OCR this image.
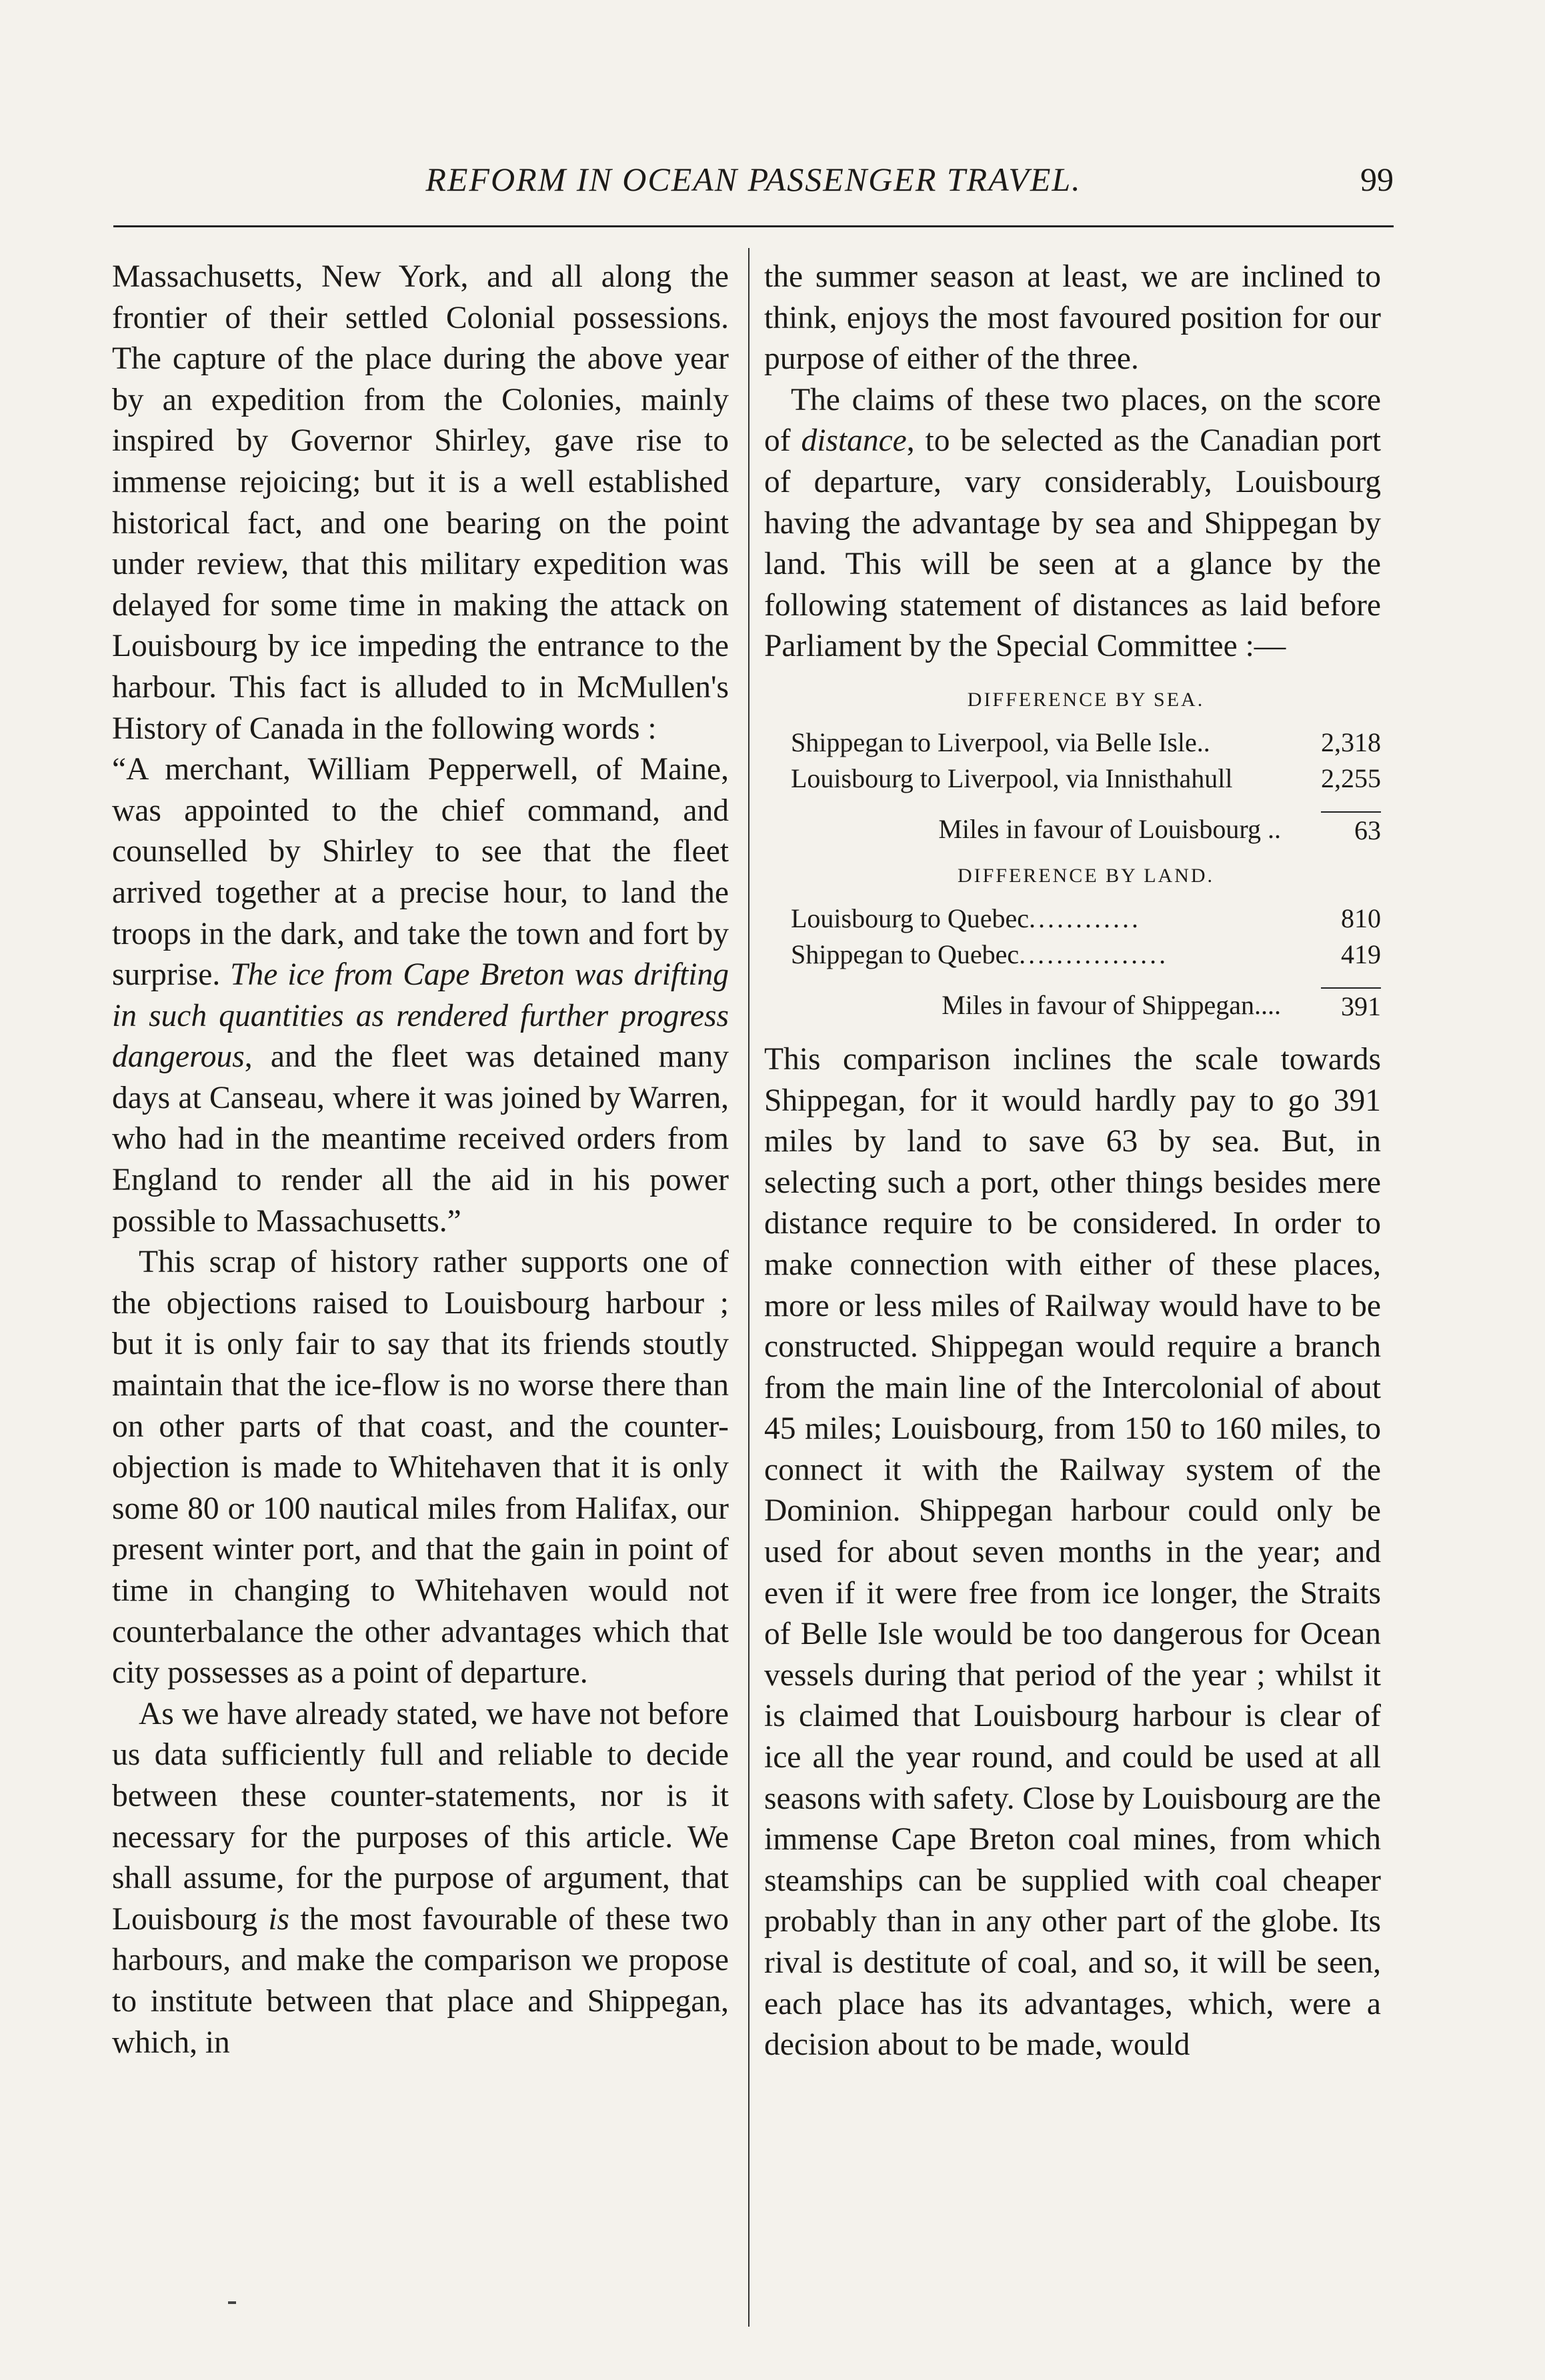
REFORM IN OCEAN PASSENGER TRAVEL.	99

Massachusetts, New York, and all along the frontier of their settled Colonial possessions. The capture of the place during the above year by an expedition from the Colonies, mainly inspired by Governor Shirley, gave rise to immense rejoicing; but it is a well established historical fact, and one bearing on the point under review, that this military expedition was delayed for some time in making the attack on Louisbourg by ice impeding the entrance to the harbour. This fact is alluded to in McMullen's History of Canada in the following words :

“A merchant, William Pepperwell, of Maine, was appointed to the chief command, and counselled by Shirley to see that the fleet arrived together at a precise hour, to land the troops in the dark, and take the town and fort by surprise. The ice from Cape Breton was drifting in such quantities as rendered further progress dangerous, and the fleet was detained many days at Canseau, where it was joined by Warren, who had in the meantime received orders from England to render all the aid in his power possible to Massachusetts.”

This scrap of history rather supports one of the objections raised to Louisbourg harbour ; but it is only fair to say that its friends stoutly maintain that the ice-flow is no worse there than on other parts of that coast, and the counter-objection is made to Whitehaven that it is only some 80 or 100 nautical miles from Halifax, our present winter port, and that the gain in point of time in changing to Whitehaven would not counterbalance the other advantages which that city possesses as a point of departure.

As we have already stated, we have not before us data sufficiently full and reliable to decide between these counter-statements, nor is it necessary for the purposes of this article. We shall assume, for the purpose of argument, that Louisbourg is the most favourable of these two harbours, and make the comparison we propose to institute between that place and Shippegan, which, in

the summer season at least, we are inclined to think, enjoys the most favoured position for our purpose of either of the three.

The claims of these two places, on the score of distance, to be selected as the Canadian port of departure, vary considerably, Louisbourg having the advantage by sea and Shippegan by land. This will be seen at a glance by the following statement of distances as laid before Parliament by the Special Committee :—

DIFFERENCE BY SEA.
Shippegan to Liverpool, via Belle Isle..	2,318
Louisbourg to Liverpool, via Innisthahull	2,255
Miles in favour of Louisbourg ..	63
DIFFERENCE BY LAND.
Louisbourg to Quebec ............	810
Shippegan to Quebec ................	419
Miles in favour of Shippegan....	391

This comparison inclines the scale towards Shippegan, for it would hardly pay to go 391 miles by land to save 63 by sea. But, in selecting such a port, other things besides mere distance require to be considered. In order to make connection with either of these places, more or less miles of Railway would have to be constructed. Shippegan would require a branch from the main line of the Intercolonial of about 45 miles; Louisbourg, from 150 to 160 miles, to connect it with the Railway system of the Dominion. Shippegan harbour could only be used for about seven months in the year; and even if it were free from ice longer, the Straits of Belle Isle would be too dangerous for Ocean vessels during that period of the year ; whilst it is claimed that Louisbourg harbour is clear of ice all the year round, and could be used at all seasons with safety. Close by Louisbourg are the immense Cape Breton coal mines, from which steamships can be supplied with coal cheaper probably than in any other part of the globe. Its rival is destitute of coal, and so, it will be seen, each place has its advantages, which, were a decision about to be made, would
